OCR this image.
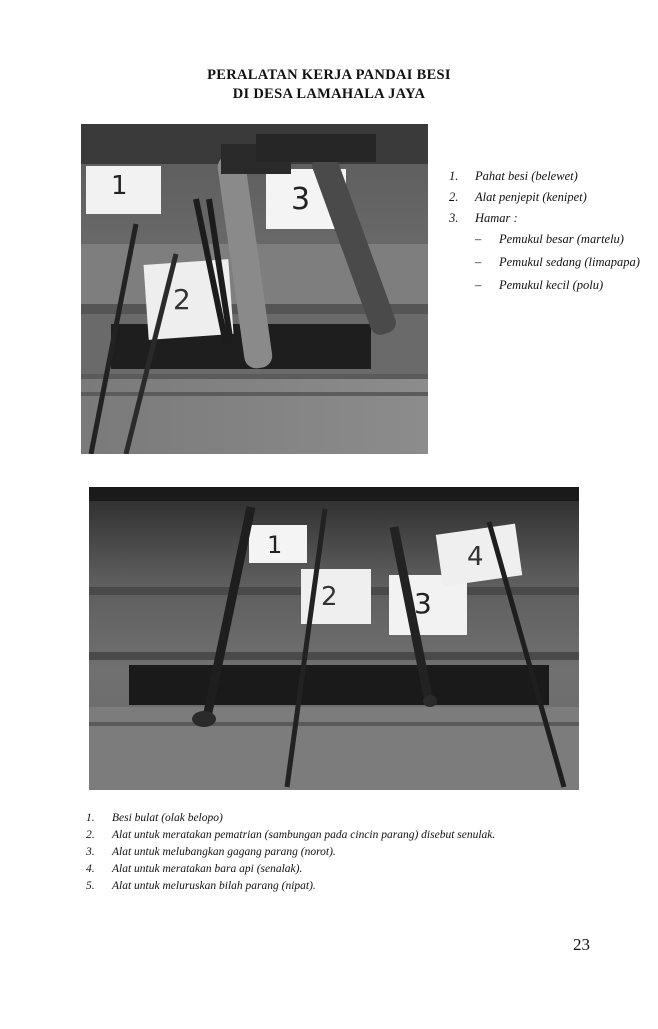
PERALATAN KERJA PANDAI BESI
DI DESA LAMAHALA JAYA
1
2
3
1. Pahat besi (belewet)
2. Alat penjepit (kenipet)
3. Hamar :
– Pemukul besar (martelu)
– Pemukul sedang (limapapa)
– Pemukul kecil (polu)
1
2	3
4
1. Besi bulat (olak belopo)
2. Alat untuk meratakan pematrian (sambungan pada cincin parang) disebut senulak.
3. Alat untuk melubangkan gagang parang (norot).
4. Alat untuk meratakan bara api (senalak).
5. Alat untuk meluruskan bilah parang (nipat).
23
